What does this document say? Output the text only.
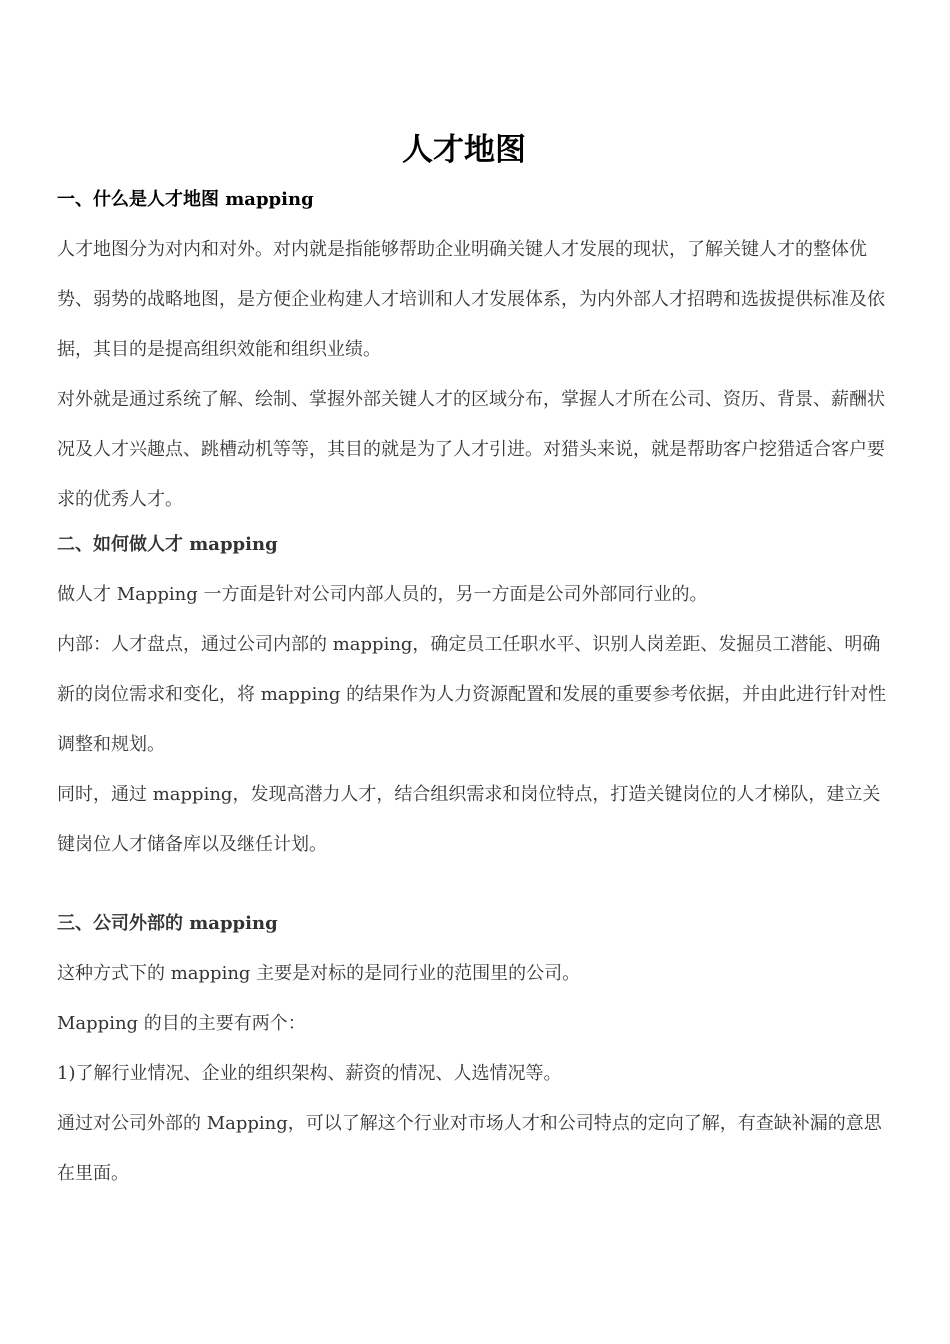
人才地图
一、什么是人才地图 mapping

人才地图分为对内和对外。对内就是指能够帮助企业明确关键人才发展的现状，了解关键人才的整体优势、弱势的战略地图，是方便企业构建人才培训和人才发展体系，为内外部人才招聘和选拔提供标准及依据，其目的是提高组织效能和组织业绩。

对外就是通过系统了解、绘制、掌握外部关键人才的区域分布，掌握人才所在公司、资历、背景、薪酬状况及人才兴趣点、跳槽动机等等，其目的就是为了人才引进。对猎头来说，就是帮助客户挖猎适合客户要求的优秀人才。

二、如何做人才 mapping

做人才 Mapping 一方面是针对公司内部人员的，另一方面是公司外部同行业的。

内部：人才盘点，通过公司内部的 mapping，确定员工任职水平、识别人岗差距、发掘员工潜能、明确新的岗位需求和变化，将 mapping 的结果作为人力资源配置和发展的重要参考依据，并由此进行针对性调整和规划。

同时，通过 mapping，发现高潜力人才，结合组织需求和岗位特点，打造关键岗位的人才梯队，建立关键岗位人才储备库以及继任计划。

三、公司外部的 mapping

这种方式下的 mapping 主要是对标的是同行业的范围里的公司。

Mapping 的目的主要有两个：

1)了解行业情况、企业的组织架构、薪资的情况、人选情况等。

通过对公司外部的 Mapping，可以了解这个行业对市场人才和公司特点的定向了解，有查缺补漏的意思在里面。
